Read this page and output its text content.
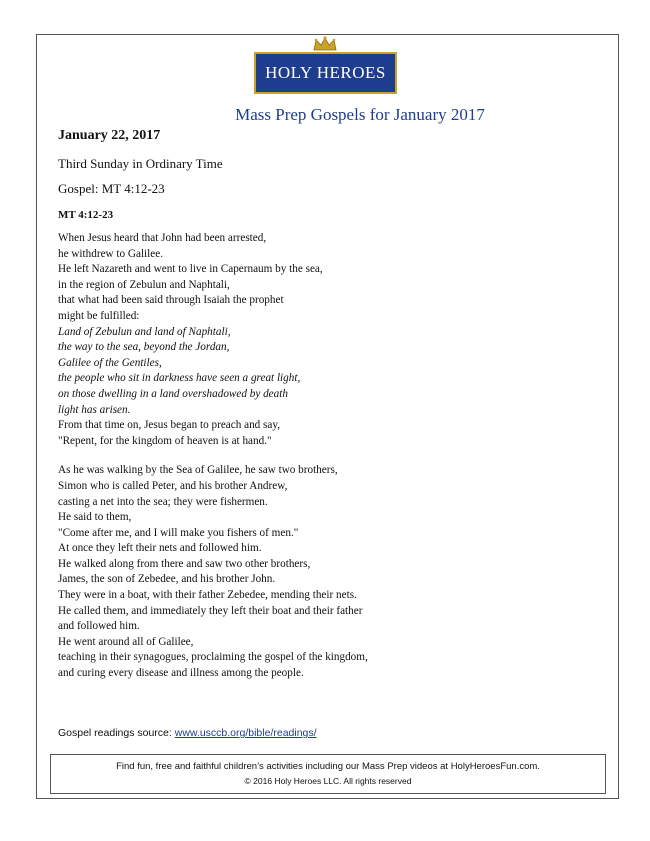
HOLY HEROES
Mass Prep Gospels for January 2017
January 22, 2017
Third Sunday in Ordinary Time
Gospel: MT 4:12-23
MT 4:12-23
When Jesus heard that John had been arrested,
he withdrew to Galilee.
He left Nazareth and went to live in Capernaum by the sea,
in the region of Zebulun and Naphtali,
that what had been said through Isaiah the prophet
might be fulfilled:
Land of Zebulun and land of Naphtali,
the way to the sea, beyond the Jordan,
Galilee of the Gentiles,
the people who sit in darkness have seen a great light,
on those dwelling in a land overshadowed by death
light has arisen.
From that time on, Jesus began to preach and say,
"Repent, for the kingdom of heaven is at hand."
As he was walking by the Sea of Galilee, he saw two brothers,
Simon who is called Peter, and his brother Andrew,
casting a net into the sea; they were fishermen.
He said to them,
"Come after me, and I will make you fishers of men."
At once they left their nets and followed him.
He walked along from there and saw two other brothers,
James, the son of Zebedee, and his brother John.
They were in a boat, with their father Zebedee, mending their nets.
He called them, and immediately they left their boat and their father
and followed him.
He went around all of Galilee,
teaching in their synagogues, proclaiming the gospel of the kingdom,
and curing every disease and illness among the people.
Gospel readings source: www.usccb.org/bible/readings/
Find fun, free and faithful children’s activities including our Mass Prep videos at HolyHeroesFun.com.
© 2016 Holy Heroes LLC. All rights reserved
